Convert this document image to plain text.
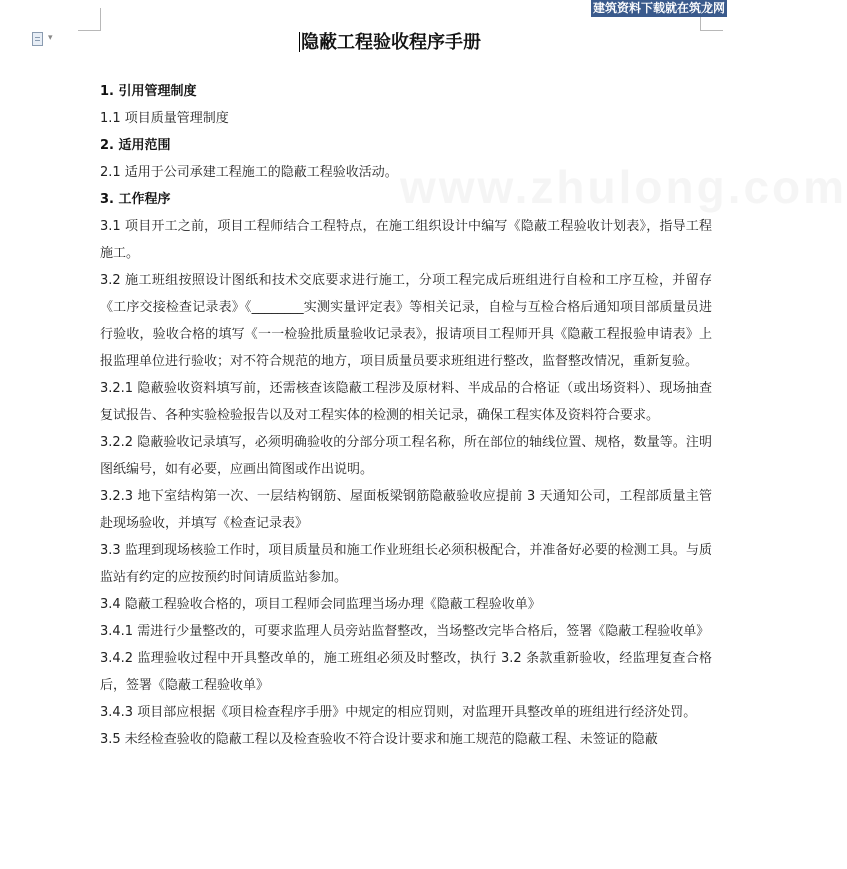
▾
建筑资料下载就在筑龙网
www.zhulong.com
隐蔽工程验收程序手册

1. 引用管理制度

1.1 项目质量管理制度

2. 适用范围

2.1 适用于公司承建工程施工的隐蔽工程验收活动。

3. 工作程序

3.1 项目开工之前，项目工程师结合工程特点，在施工组织设计中编写《隐蔽工程验收计划表》，指导工程施工。

3.2 施工班组按照设计图纸和技术交底要求进行施工，分项工程完成后班组进行自检和工序互检，并留存《工序交接检查记录表》《________实测实量评定表》等相关记录，自检与互检合格后通知项目部质量员进行验收，验收合格的填写《一一检验批质量验收记录表》，报请项目工程师开具《隐蔽工程报验申请表》上报监理单位进行验收；对不符合规范的地方，项目质量员要求班组进行整改，监督整改情况，重新复验。

3.2.1 隐蔽验收资料填写前，还需核查该隐蔽工程涉及原材料、半成品的合格证（或出场资料）、现场抽查复试报告、各种实验检验报告以及对工程实体的检测的相关记录，确保工程实体及资料符合要求。

3.2.2 隐蔽验收记录填写，必须明确验收的分部分项工程名称，所在部位的轴线位置、规格，数量等。注明图纸编号，如有必要，应画出简图或作出说明。

3.2.3 地下室结构第一次、一层结构钢筋、屋面板梁钢筋隐蔽验收应提前 3 天通知公司，工程部质量主管赴现场验收，并填写《检查记录表》

3.3 监理到现场核验工作时，项目质量员和施工作业班组长必须积极配合，并准备好必要的检测工具。与质监站有约定的应按预约时间请质监站参加。

3.4 隐蔽工程验收合格的，项目工程师会同监理当场办理《隐蔽工程验收单》

3.4.1 需进行少量整改的，可要求监理人员旁站监督整改，当场整改完毕合格后，签署《隐蔽工程验收单》

3.4.2 监理验收过程中开具整改单的，施工班组必须及时整改，执行 3.2 条款重新验收，经监理复查合格后，签署《隐蔽工程验收单》

3.4.3 项目部应根据《项目检查程序手册》中规定的相应罚则，对监理开具整改单的班组进行经济处罚。

3.5 未经检查验收的隐蔽工程以及检查验收不符合设计要求和施工规范的隐蔽工程、未签证的隐蔽
